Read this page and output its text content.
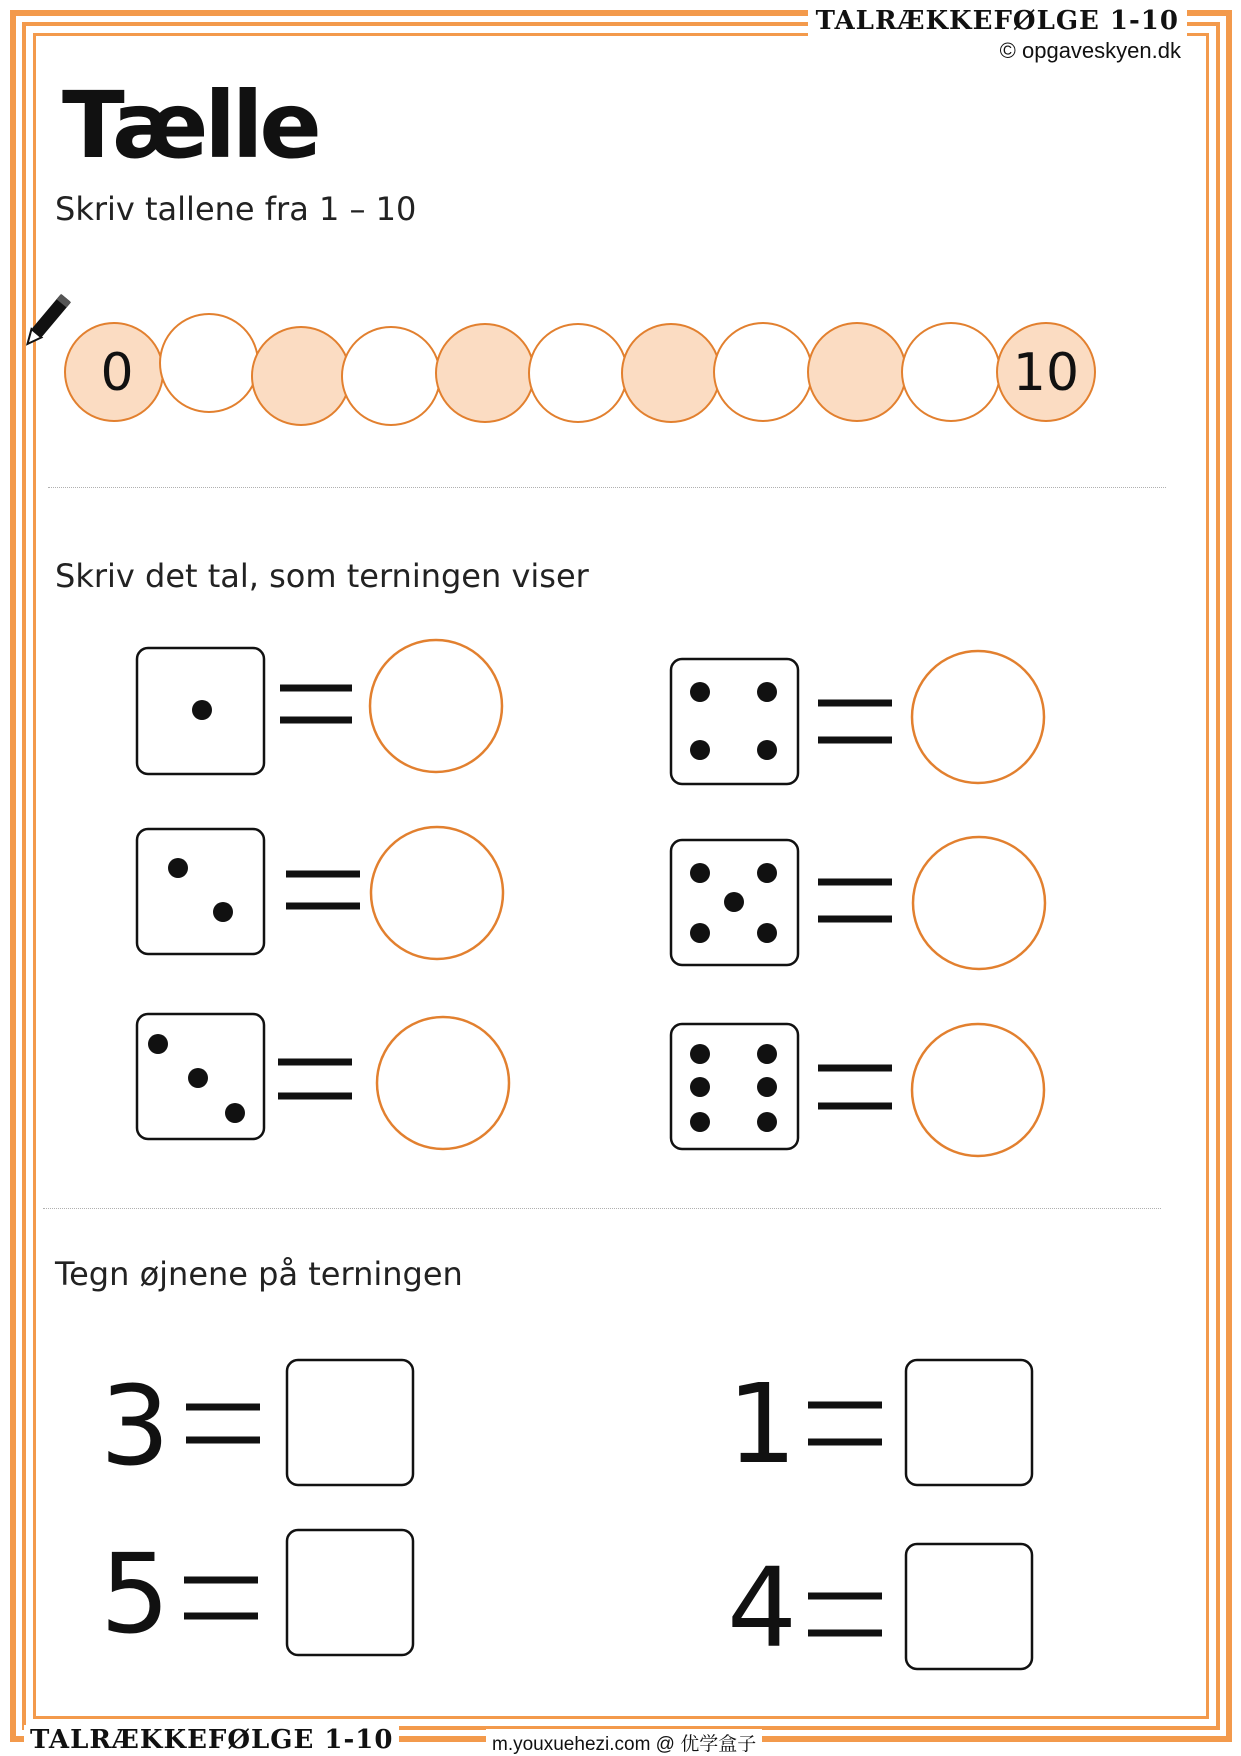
TALRÆKKEFØLGE 1-10
© opgaveskyen.dk
Tælle
Skriv tallene fra 1 – 10
Skriv det tal, som terningen viser
Tegn øjnene på terningen
0	10
3
5
1
4
TALRÆKKEFØLGE 1-10	m.youxuehezi.com @ 优学盒子
